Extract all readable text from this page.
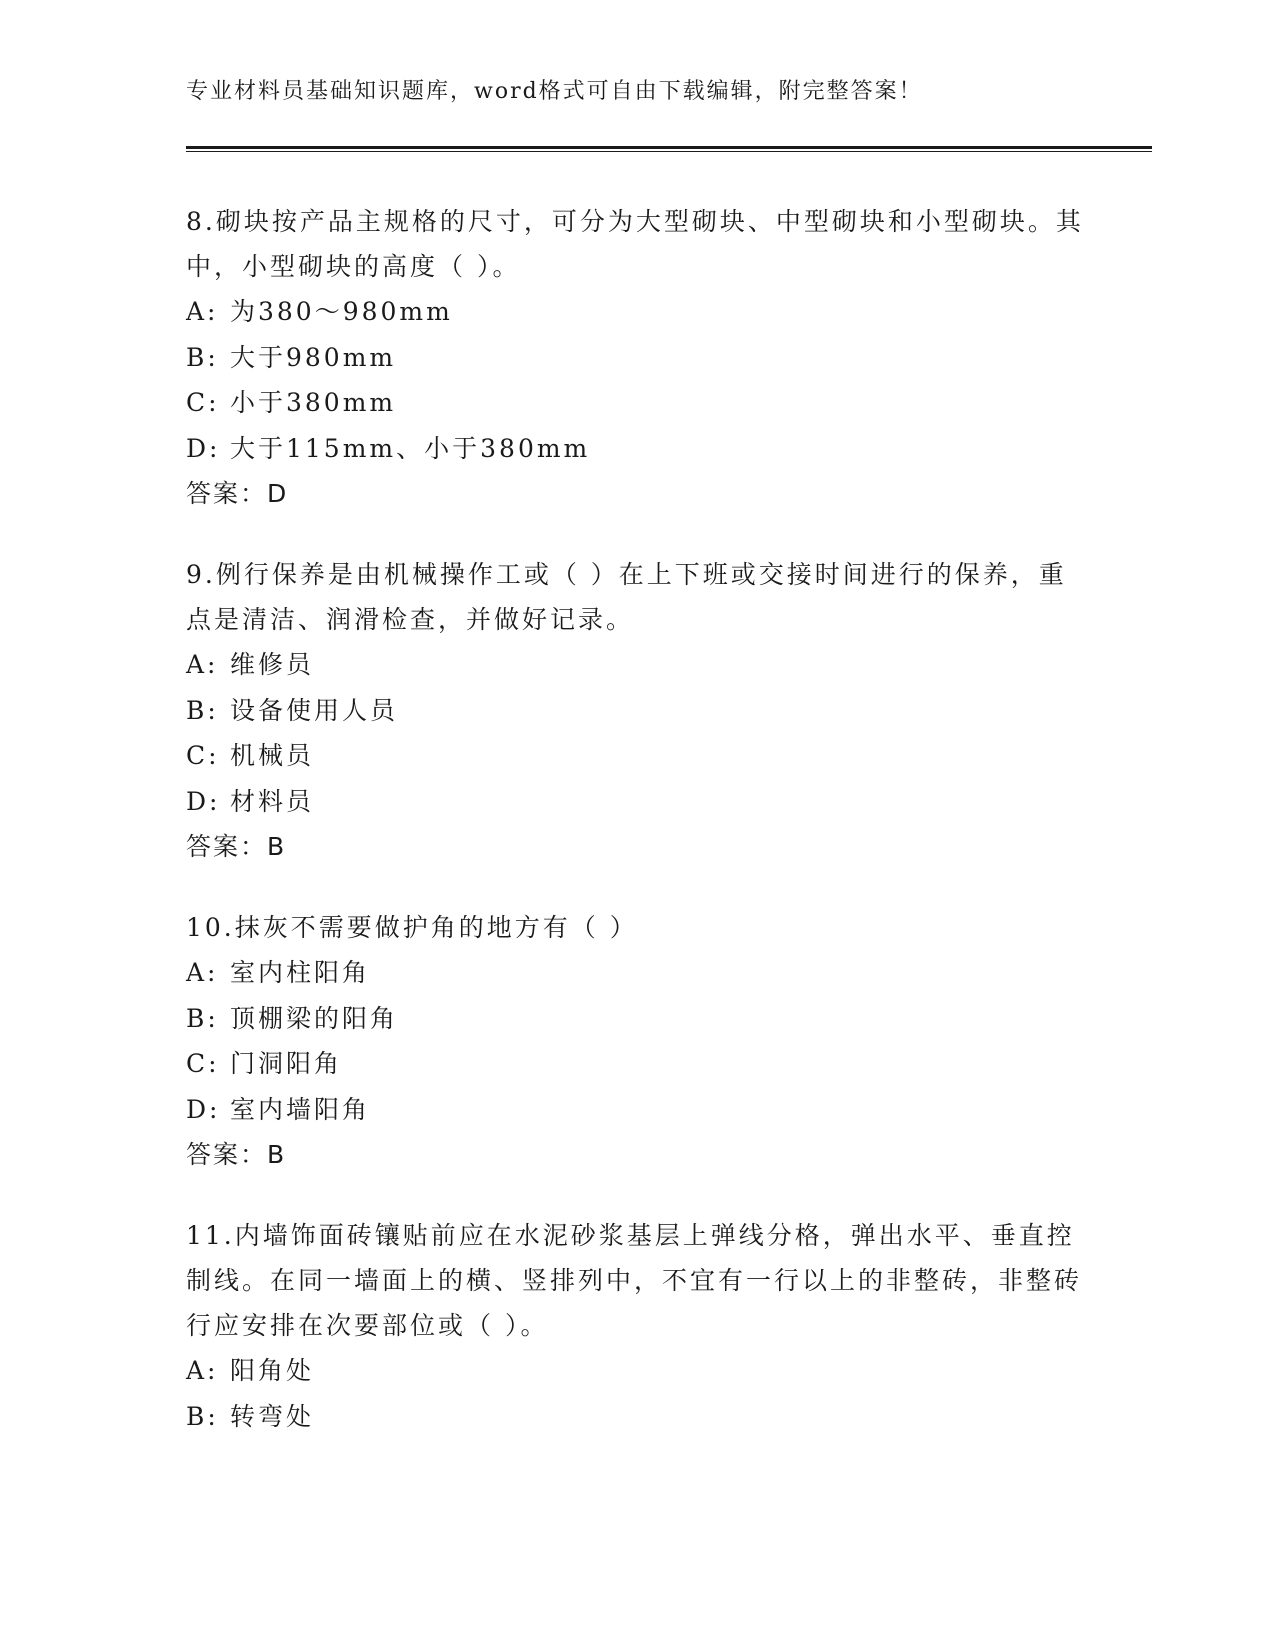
专业材料员基础知识题库，word格式可自由下载编辑，附完整答案！

8.砌块按产品主规格的尺寸，可分为大型砌块、中型砌块和小型砌块。其中，小型砌块的高度（ ）。

A: 为380～980mm

B: 大于980mm

C: 小于380mm

D: 大于115mm、小于380mm

答案：D

9.例行保养是由机械操作工或（ ）在上下班或交接时间进行的保养，重点是清洁、润滑检查，并做好记录。

A: 维修员

B: 设备使用人员

C: 机械员

D: 材料员

答案：B

10.抹灰不需要做护角的地方有（ ）

A: 室内柱阳角

B: 顶棚梁的阳角

C: 门洞阳角

D: 室内墙阳角

答案：B

11.内墙饰面砖镶贴前应在水泥砂浆基层上弹线分格，弹出水平、垂直控制线。在同一墙面上的横、竖排列中，不宜有一行以上的非整砖，非整砖行应安排在次要部位或（ ）。

A: 阳角处

B: 转弯处
